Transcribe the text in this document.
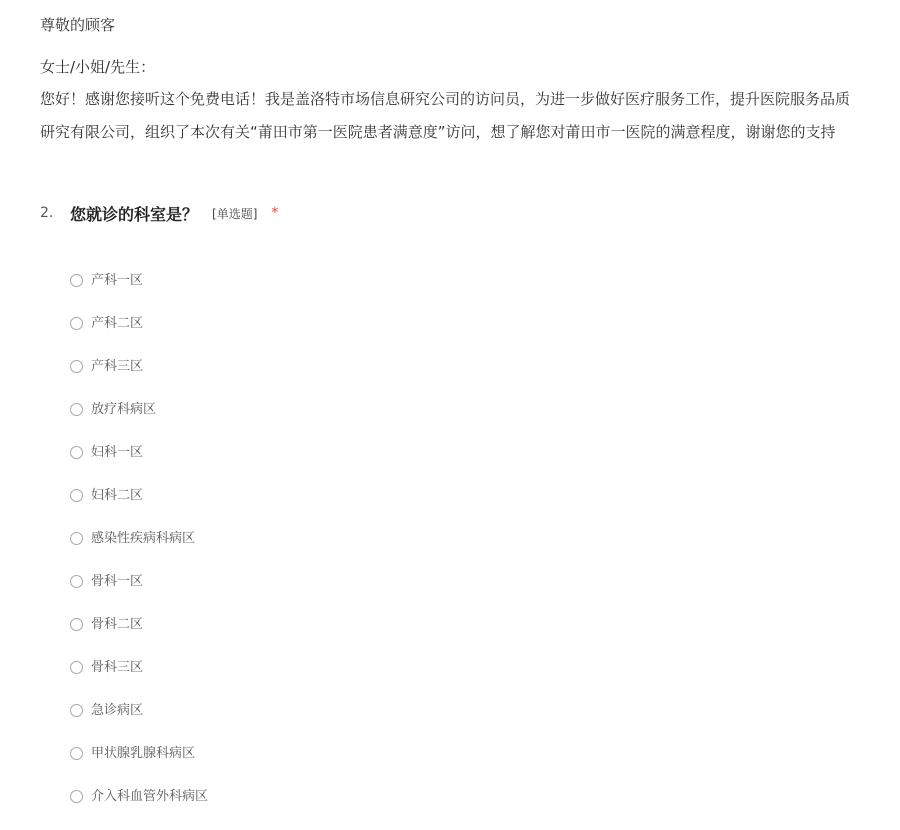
尊敬的顾客
女士/小姐/先生：
您好！感谢您接听这个免费电话！我是盖洛特市场信息研究公司的访问员，为进一步做好医疗服务工作，提升医院服务品质
研究有限公司，组织了本次有关“莆田市第一医院患者满意度”访问，想了解您对莆田市一医院的满意程度，谢谢您的支持
2.	您就诊的科室是？ [单选题] *
产科一区
产科二区
产科三区
放疗科病区
妇科一区
妇科二区
感染性疾病科病区
骨科一区
骨科二区
骨科三区
急诊病区
甲状腺乳腺科病区
介入科血管外科病区
